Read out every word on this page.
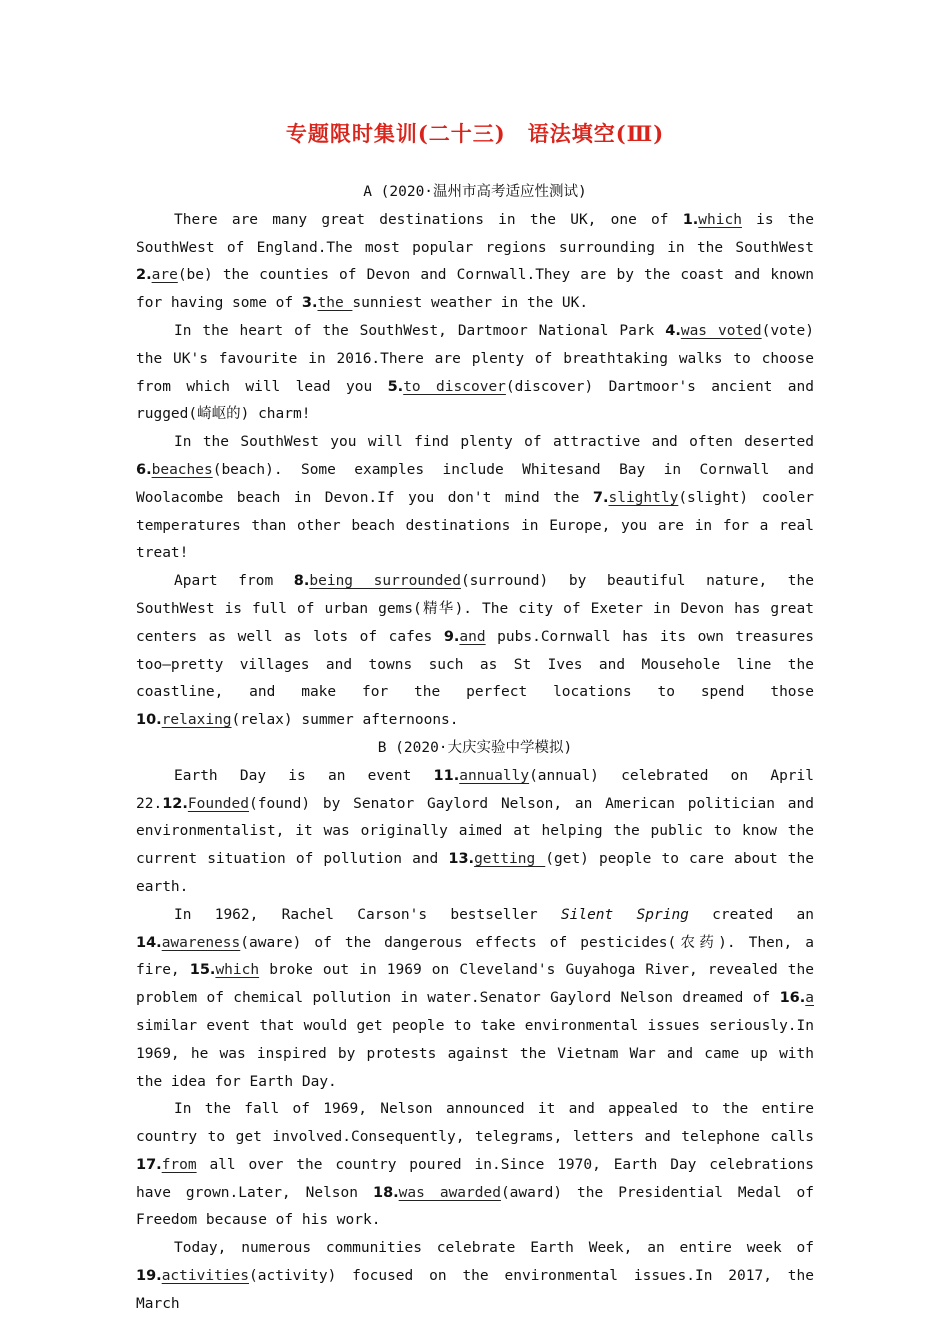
专题限时集训(二十三)　语法填空(Ⅲ)
A (2020·温州市高考适应性测试)

There are many great destinations in the UK, one of 1.which is the SouthWest of England.The most popular regions surrounding in the SouthWest 2.are(be) the counties of Devon and Cornwall.They are by the coast and known for having some of 3.the sunniest weather in the UK.

In the heart of the SouthWest, Dartmoor National Park 4.was voted(vote) the UK's favourite in 2016.There are plenty of breathtaking walks to choose from which will lead you 5.to discover(discover) Dartmoor's ancient and rugged(崎岖的) charm!

In the SouthWest you will find plenty of attractive and often deserted 6.beaches(beach). Some examples include Whitesand Bay in Cornwall and Woolacombe beach in Devon.If you don't mind the 7.slightly(slight) cooler temperatures than other beach destinations in Europe, you are in for a real treat!

Apart from 8.being surrounded(surround) by beautiful nature, the SouthWest is full of urban gems(精华). The city of Exeter in Devon has great centers as well as lots of cafes 9.and pubs.Cornwall has its own treasures too—pretty villages and towns such as St Ives and Mousehole line the coastline, and make for the perfect locations to spend those 10.relaxing(relax) summer afternoons.

B (2020·大庆实验中学模拟)

Earth Day is an event 11.annually(annual) celebrated on April 22.12.Founded(found) by Senator Gaylord Nelson, an American politician and environmentalist, it was originally aimed at helping the public to know the current situation of pollution and 13.getting (get) people to care about the earth.

In 1962, Rachel Carson's bestseller Silent Spring created an 14.awareness(aware) of the dangerous effects of pesticides(农药). Then, a fire, 15.which broke out in 1969 on Cleveland's Guyahoga River, revealed the problem of chemical pollution in water.Senator Gaylord Nelson dreamed of 16.a similar event that would get people to take environmental issues seriously.In 1969, he was inspired by protests against the Vietnam War and came up with the idea for Earth Day.

In the fall of 1969, Nelson announced it and appealed to the entire country to get involved.Consequently, telegrams, letters and telephone calls 17.from all over the country poured in.Since 1970, Earth Day celebrations have grown.Later, Nelson 18.was awarded(award) the Presidential Medal of Freedom because of his work.

Today, numerous communities celebrate Earth Week, an entire week of 19.activities(activity) focused on the environmental issues.In 2017, the March
